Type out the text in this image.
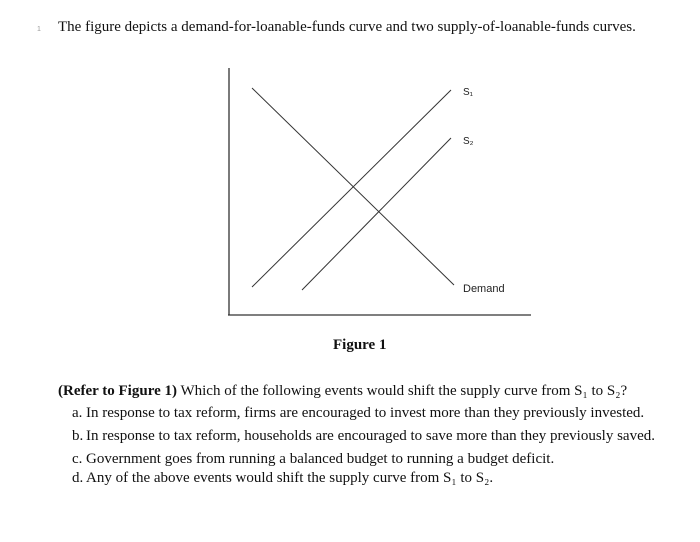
1 The figure depicts a demand-for-loanable-funds curve and two supply-of-loanable-funds curves.
S₁
S₂
Demand
Figure 1
(Refer to Figure 1) Which of the following events would shift the supply curve from S₁ to S₂?
a. In response to tax reform, firms are encouraged to invest more than they previously invested.
b. In response to tax reform, households are encouraged to save more than they previously saved.
c. Government goes from running a balanced budget to running a budget deficit.
d. Any of the above events would shift the supply curve from S₁ to S₂.
